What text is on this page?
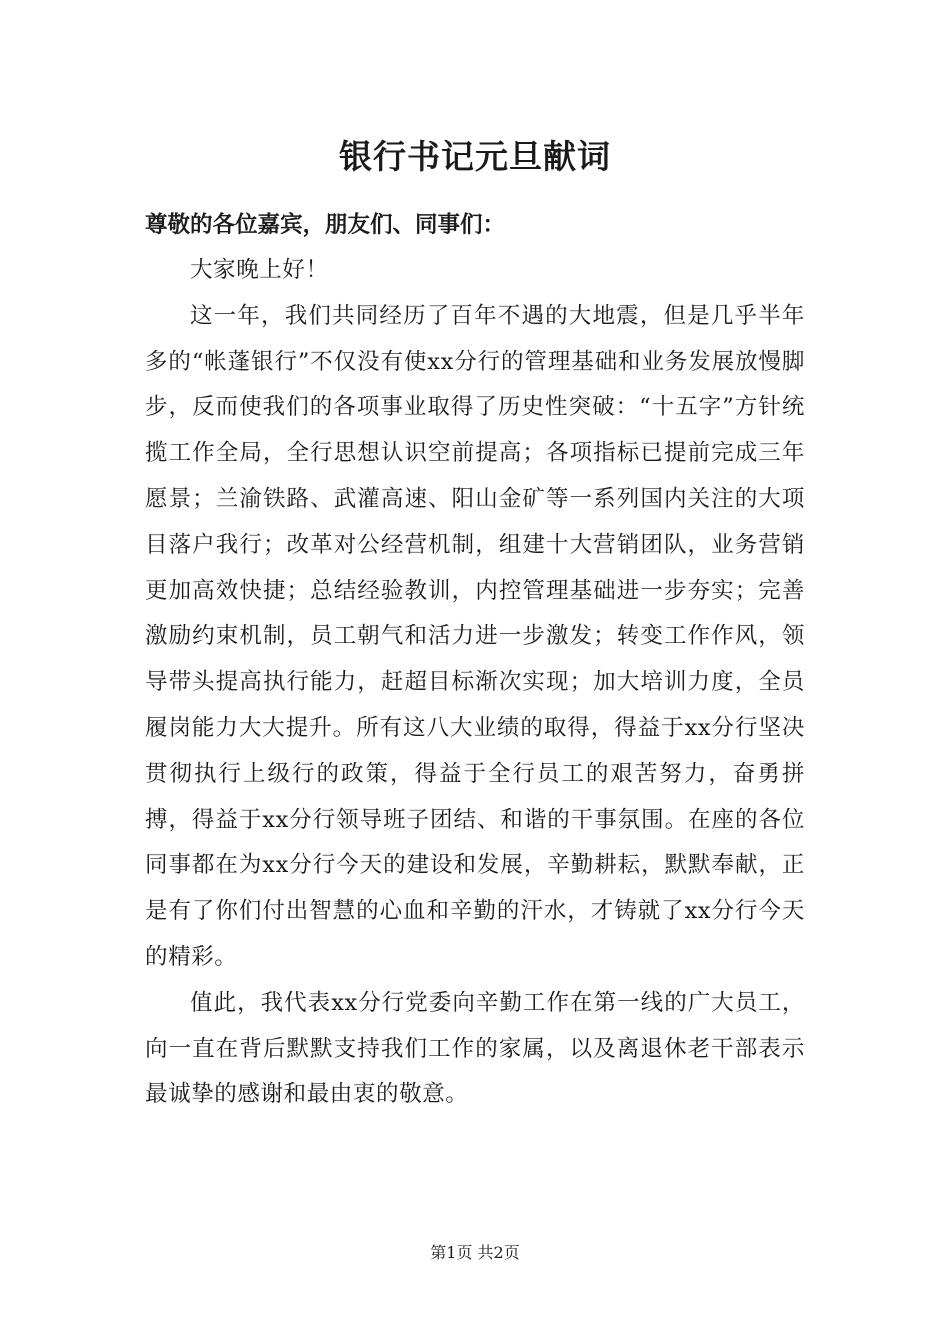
银行书记元旦献词

尊敬的各位嘉宾，朋友们、同事们：

大家晚上好！

这一年，我们共同经历了百年不遇的大地震，但是几乎半年多的“帐蓬银行”不仅没有使xx分行的管理基础和业务发展放慢脚步，反而使我们的各项事业取得了历史性突破：“十五字”方针统揽工作全局，全行思想认识空前提高；各项指标已提前完成三年愿景；兰渝铁路、武灌高速、阳山金矿等一系列国内关注的大项目落户我行；改革对公经营机制，组建十大营销团队，业务营销更加高效快捷；总结经验教训，内控管理基础进一步夯实；完善激励约束机制，员工朝气和活力进一步激发；转变工作作风，领导带头提高执行能力，赶超目标渐次实现；加大培训力度，全员履岗能力大大提升。所有这八大业绩的取得，得益于xx分行坚决贯彻执行上级行的政策，得益于全行员工的艰苦努力，奋勇拼搏，得益于xx分行领导班子团结、和谐的干事氛围。在座的各位同事都在为xx分行今天的建设和发展，辛勤耕耘，默默奉献，正是有了你们付出智慧的心血和辛勤的汗水，才铸就了xx分行今天的精彩。

值此，我代表xx分行党委向辛勤工作在第一线的广大员工，向一直在背后默默支持我们工作的家属，以及离退休老干部表示最诚挚的感谢和最由衷的敬意。

第1页 共2页
